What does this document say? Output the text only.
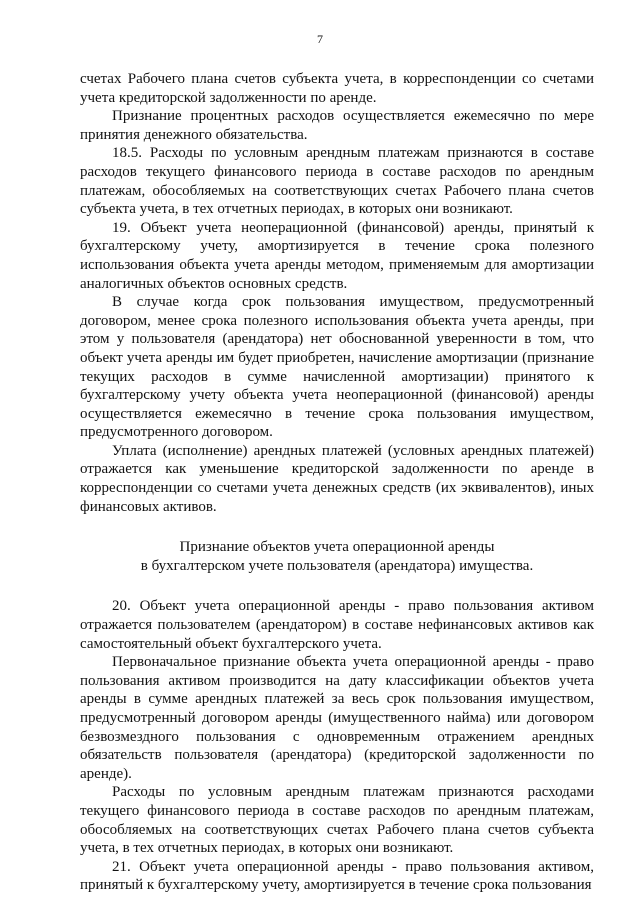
7

счетах Рабочего плана счетов субъекта учета, в корреспонденции со счетами учета кредиторской задолженности по аренде.

Признание процентных расходов осуществляется ежемесячно по мере принятия денежного обязательства.

18.5. Расходы по условным арендным платежам признаются в составе расходов текущего финансового периода в составе расходов по арендным платежам, обособляемых на соответствующих счетах Рабочего плана счетов субъекта учета, в тех отчетных периодах, в которых они возникают.

19. Объект учета неоперационной (финансовой) аренды, принятый к бухгалтерскому учету, амортизируется в течение срока полезного использования объекта учета аренды методом, применяемым для амортизации аналогичных объектов основных средств.

В случае когда срок пользования имуществом, предусмотренный договором, менее срока полезного использования объекта учета аренды, при этом у пользователя (арендатора) нет обоснованной уверенности в том, что объект учета аренды им будет приобретен, начисление амортизации (признание текущих расходов в сумме начисленной амортизации) принятого к бухгалтерскому учету объекта учета неоперационной (финансовой) аренды осуществляется ежемесячно в течение срока пользования имуществом, предусмотренного договором.

Уплата (исполнение) арендных платежей (условных арендных платежей) отражается как уменьшение кредиторской задолженности по аренде в корреспонденции со счетами учета денежных средств (их эквивалентов), иных финансовых активов.

Признание объектов учета операционной аренды
в бухгалтерском учете пользователя (арендатора) имущества.

20. Объект учета операционной аренды - право пользования активом отражается пользователем (арендатором) в составе нефинансовых активов как самостоятельный объект бухгалтерского учета.

Первоначальное признание объекта учета операционной аренды - право пользования активом производится на дату классификации объектов учета аренды в сумме арендных платежей за весь срок пользования имуществом, предусмотренный договором аренды (имущественного найма) или договором безвозмездного пользования с одновременным отражением арендных обязательств пользователя (арендатора) (кредиторской задолженности по аренде).

Расходы по условным арендным платежам признаются расходами текущего финансового периода в составе расходов по арендным платежам, обособляемых на соответствующих счетах Рабочего плана счетов субъекта учета, в тех отчетных периодах, в которых они возникают.

21. Объект учета операционной аренды - право пользования активом, принятый к бухгалтерскому учету, амортизируется в течение срока пользования
